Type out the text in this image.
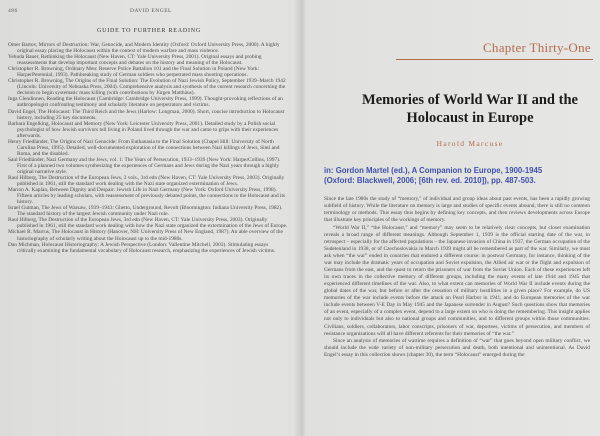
486	DAVID ENGEL
GUIDE TO FURTHER READING

Omer Bartov, Mirrors of Destruction: War, Genocide, and Modern Identity (Oxford: Oxford University Press, 2000). A highly original essay placing the Holocaust within the context of modern warfare and mass violence.

Yehuda Bauer, Rethinking the Holocaust (New Haven, CT: Yale University Press, 2001). Original essays and probing reassessments that develop important concepts and debates on the history and meaning of the Holocaust.

Christopher R. Browning, Ordinary Men: Reserve Police Battalion 101 and the Final Solution in Poland (New York: HarperPerennial, 1993). Pathbreaking study of German soldiers who perpetrated mass shooting operations.

Christopher R. Browning, The Origins of the Final Solution: The Evolution of Nazi Jewish Policy, September 1939–March 1942 (Lincoln: University of Nebraska Press, 2004). Comprehensive analysis and synthesis of the current research concerning the decision to begin systematic mass killing (with contributions by Jürgen Matthäus).

Inga Clendinnen, Reading the Holocaust (Cambridge: Cambridge University Press, 1999). Thought-provoking reflections of an anthropologist confronting testimony and scholarly literature on perpetrators and victims.

David Engel, The Holocaust: The Third Reich and the Jews (Harlow: Longman, 2000). Short, concise introduction to Holocaust history, including 25 key documents.

Barbara Engelking, Holocaust and Memory (New York: Leicester University Press, 2001). Detailed study by a Polish social psychologist of how Jewish survivors tell living in Poland lived through the war and came to grips with their experiences afterwards.

Henry Friedlander, The Origins of Nazi Genocide: From Euthanasia to the Final Solution (Chapel Hill: University of North Carolina Press, 1995). Detailed, well-documented exploration of the connections between Nazi killings of Jews, Sinti and Roma, and the disabled.

Saul Friedländer, Nazi Germany and the Jews, vol. 1: The Years of Persecution, 1933–1939 (New York: HarperCollins, 1997). First of a planned two volumes synthesizing the experiences of Germans and Jews during the Nazi years through a highly original narrative style.

Raul Hilberg, The Destruction of the European Jews, 3 vols., 3rd edn (New Haven, CT: Yale University Press, 2003). Originally published in 1961, still the standard work dealing with the Nazi state organized extermination of Jews.

Marion A. Kaplan, Between Dignity and Despair: Jewish Life in Nazi Germany (New York: Oxford University Press, 1998). Fifteen articles by leading scholars, with reassessment of previously debated points, the connections to the Holocaust and its history.

Israel Gutman, The Jews of Warsaw, 1939–1943: Ghetto, Underground, Revolt (Bloomington: Indiana University Press, 1982). The standard history of the largest Jewish community under Nazi rule.

Raul Hilberg, The Destruction of the European Jews, 3rd edn (New Haven, CT: Yale University Press, 2003). Originally published in 1961, still the standard work dealing with how the Nazi state organized the extermination of the Jews of Europe.

Michael R. Marrus, The Holocaust in History (Hanover, NH: University Press of New England, 1987). An able overview of the historiography of scholarly writing about the Holocaust up to the mid-1980s.

Dan Michman, Holocaust Historiography: A Jewish Perspective (London: Vallentine Mitchell, 2003). Stimulating essays critically examining the fundamental vocabulary of Holocaust research, emphasizing the experiences of Jewish victims.

Chapter Thirty-One
Memories of World War II and the Holocaust in Europe
Harold Marcuse
in: Gordon Martel (ed.), A Companion to Europe, 1900-1945
(Oxford: Blackwell, 2006; [6th rev. ed. 2010]), pp. 487-503.

Since the late 1980s the study of “memory,” of individual and group ideas about past events, has been a rapidly growing subfield of history. While the literature on memory is large and studies of specific events abound, there is still no common terminology or methods. This essay thus begins by defining key concepts, and then reviews developments across Europe that illustrate key principles of the workings of memory.

“World War II,” “the Holocaust,” and “memory” may seem to be relatively clear concepts, but closer examination reveals a broad range of different meanings. Although September 1, 1939 is the official starting date of the war, in retrospect – especially for the affected populations – the Japanese invasion of China in 1937, the German occupation of the Sudetenland in 1938, or of Czechoslovakia in March 1939 might all be remembered as part of the war. Similarly, we must ask when “the war” ended in countries that endured a different course: in postwar Germany, for instance, thinking of the war may include the dramatic years of occupation and Soviet expulsion, the Allied air war or the flight and expulsion of Germans from the east, and the quest to return the prisoners of war from the Soviet Union. Each of these experiences left its own traces in the collective memory of different groups, including the many events of late 1944 and 1945 that experienced different timelines of the war. Also, to what extent can memories of World War II include events during the global dates of the war, but before or after the cessation of military hostilities in a given place? For example, do US memories of the war include events before the attack on Pearl Harbor in 1941, and do European memories of the war include events between V-E Day in May 1945 and the Japanese surrender in August? Such questions show that memories of an event, especially of a complex event, depend to a large extent on who is doing the remembering. This insight applies not only to individuals but also to national groups and communities, and to different groups within those communities. Civilians, soldiers, collaborators, labor conscripts, prisoners of war, deportees, victims of persecution, and members of resistance organizations will all have different referents for their memories of “the war.”

Since an analysis of memories of wartime requires a definition of “war” that goes beyond open military conflict, we should include the wide variety of non-military persecution and death, both intentional and unintentional. As David Engel’s essay in this collection shows (chapter 30), the term “Holocaust” emerged during the
